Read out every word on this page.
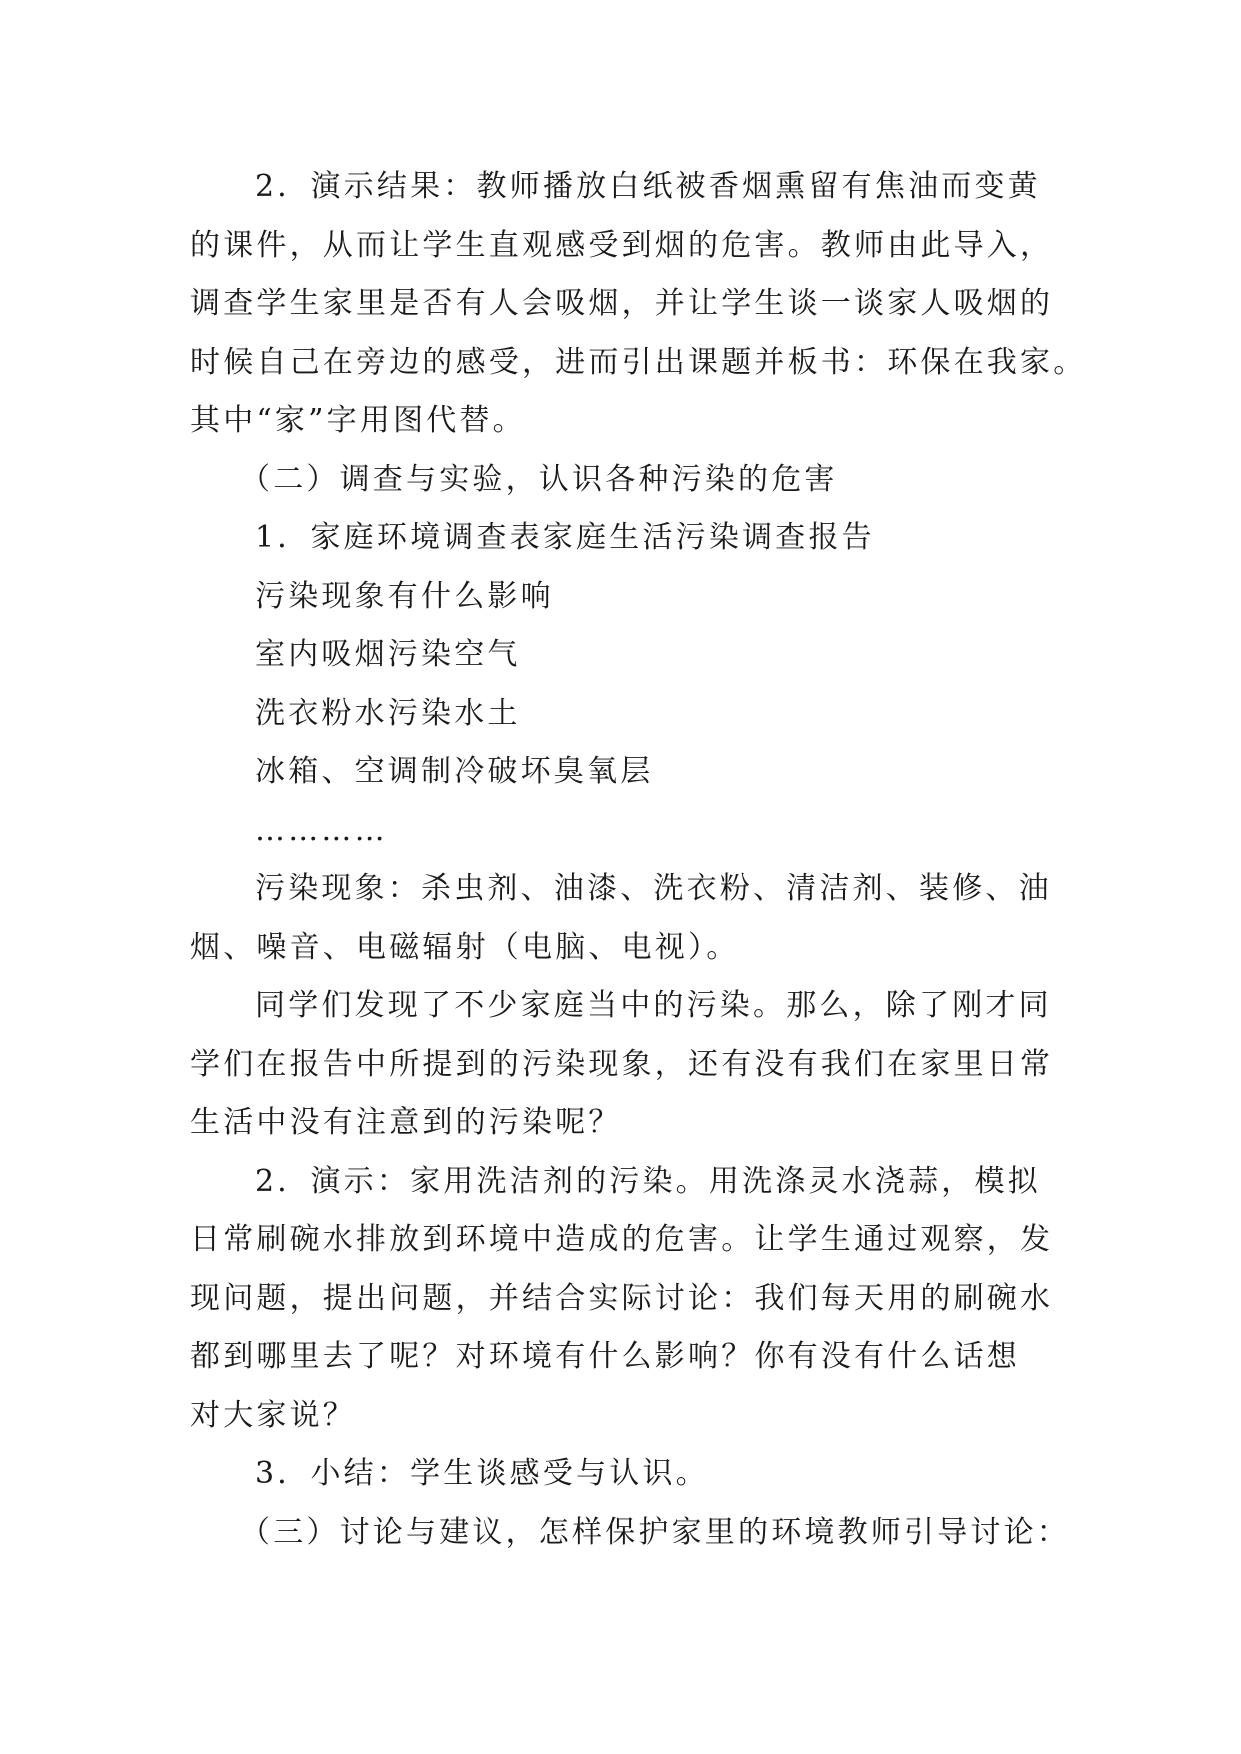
2．演示结果：教师播放白纸被香烟熏留有焦油而变黄

的课件，从而让学生直观感受到烟的危害。教师由此导入，

调查学生家里是否有人会吸烟，并让学生谈一谈家人吸烟的

时候自己在旁边的感受，进而引出课题并板书：环保在我家。

其中“家”字用图代替。

（二）调查与实验，认识各种污染的危害

1．家庭环境调查表家庭生活污染调查报告

污染现象有什么影响

室内吸烟污染空气

洗衣粉水污染水土

冰箱、空调制冷破坏臭氧层

…………

污染现象：杀虫剂、油漆、洗衣粉、清洁剂、装修、油

烟、噪音、电磁辐射（电脑、电视）。

同学们发现了不少家庭当中的污染。那么，除了刚才同

学们在报告中所提到的污染现象，还有没有我们在家里日常

生活中没有注意到的污染呢？

2．演示：家用洗洁剂的污染。用洗涤灵水浇蒜，模拟

日常刷碗水排放到环境中造成的危害。让学生通过观察，发

现问题，提出问题，并结合实际讨论：我们每天用的刷碗水

都到哪里去了呢？对环境有什么影响？你有没有什么话想

对大家说？

3．小结：学生谈感受与认识。

（三）讨论与建议，怎样保护家里的环境教师引导讨论：
